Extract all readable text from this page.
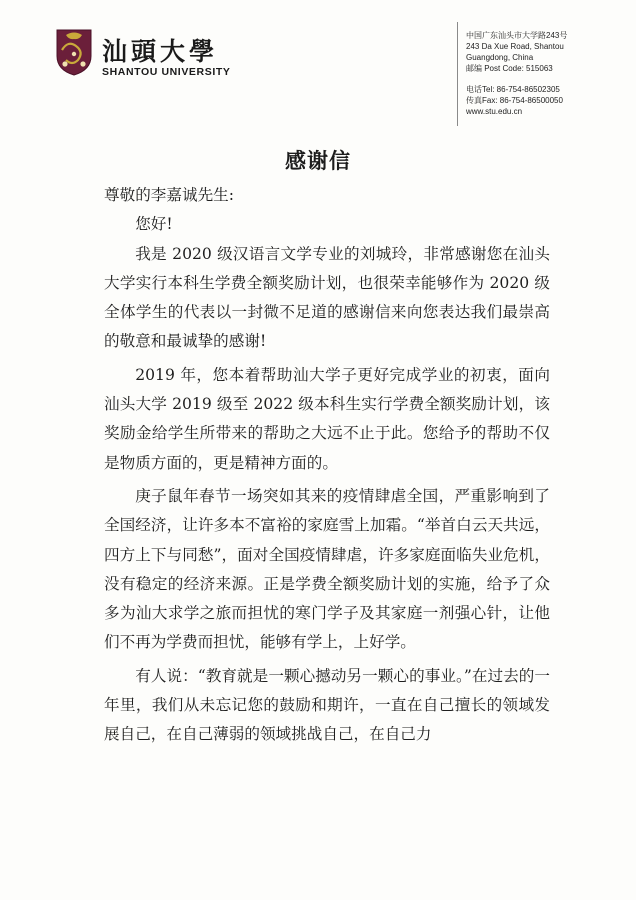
汕頭大學
SHANTOU UNIVERSITY
中国广东汕头市大学路243号
243 Da Xue Road, Shantou
Guangdong, China
邮编 Post Code: 515063
电话Tel: 86-754-86502305
传真Fax: 86-754-86500050
www.stu.edu.cn
感谢信

尊敬的李嘉诚先生:

您好!

我是 2020 级汉语言文学专业的刘城玲，非常感谢您在汕头大学实行本科生学费全额奖励计划，也很荣幸能够作为 2020 级全体学生的代表以一封微不足道的感谢信来向您表达我们最崇高的敬意和最诚挚的感谢!

2019 年，您本着帮助汕大学子更好完成学业的初衷，面向汕头大学 2019 级至 2022 级本科生实行学费全额奖励计划，该奖励金给学生所带来的帮助之大远不止于此。您给予的帮助不仅是物质方面的，更是精神方面的。

庚子鼠年春节一场突如其来的疫情肆虐全国，严重影响到了全国经济，让许多本不富裕的家庭雪上加霜。“举首白云天共远，四方上下与同愁”，面对全国疫情肆虐，许多家庭面临失业危机，没有稳定的经济来源。正是学费全额奖励计划的实施，给予了众多为汕大求学之旅而担忧的寒门学子及其家庭一剂强心针，让他们不再为学费而担忧，能够有学上，上好学。

有人说：“教育就是一颗心撼动另一颗心的事业。”在过去的一年里，我们从未忘记您的鼓励和期许，一直在自己擅长的领域发展自己，在自己薄弱的领域挑战自己，在自己力
